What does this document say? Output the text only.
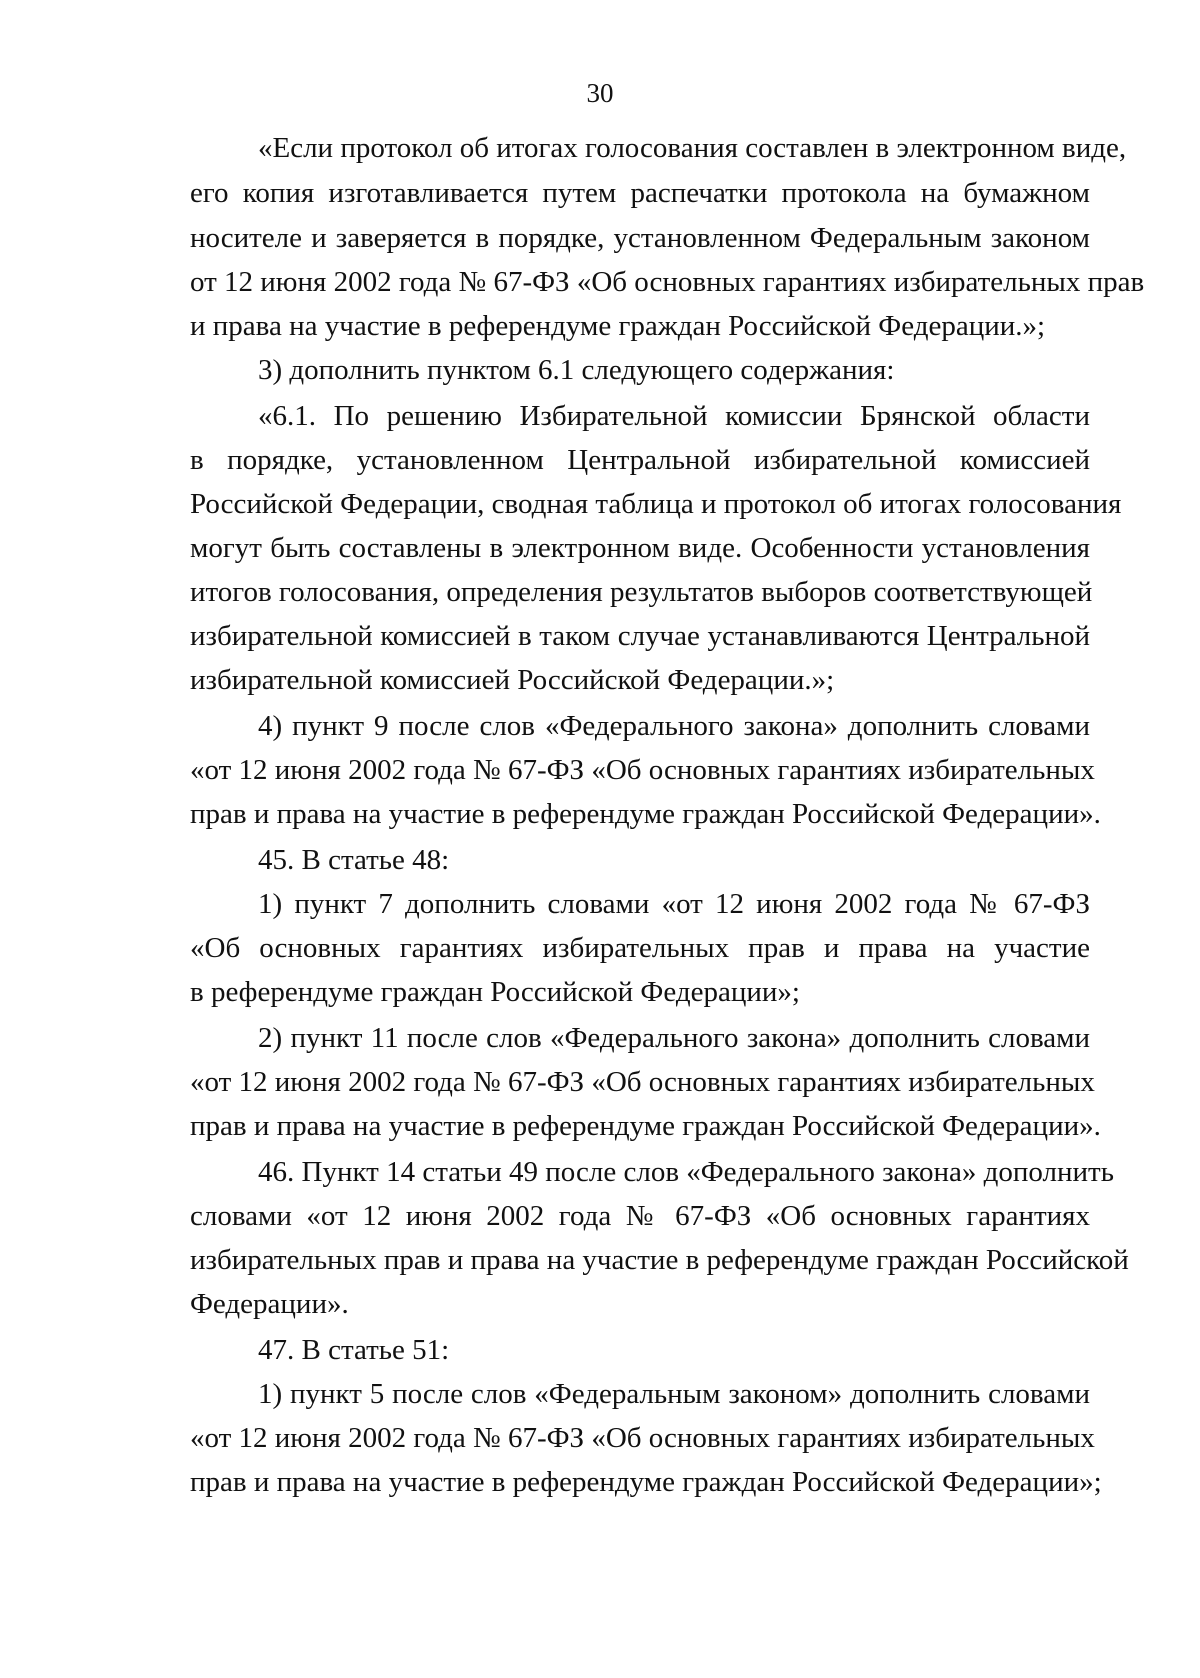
30
«Если протокол об итогах голосования составлен в электронном виде,
его копия изготавливается путем распечатки протокола на бумажном
носителе и заверяется в порядке, установленном Федеральным законом
от 12 июня 2002 года № 67-ФЗ «Об основных гарантиях избирательных прав
и права на участие в референдуме граждан Российской Федерации.»;
3) дополнить пунктом 6.1 следующего содержания:
«6.1. По решению Избирательной комиссии Брянской области
в порядке, установленном Центральной избирательной комиссией
Российской Федерации, сводная таблица и протокол об итогах голосования
могут быть составлены в электронном виде. Особенности установления
итогов голосования, определения результатов выборов соответствующей
избирательной комиссией в таком случае устанавливаются Центральной
избирательной комиссией Российской Федерации.»;
4) пункт 9 после слов «Федерального закона» дополнить словами
«от 12 июня 2002 года № 67-ФЗ «Об основных гарантиях избирательных
прав и права на участие в референдуме граждан Российской Федерации».
45. В статье 48:
1) пункт 7 дополнить словами «от 12 июня 2002 года № 67-ФЗ
«Об основных гарантиях избирательных прав и права на участие
в референдуме граждан Российской Федерации»;
2) пункт 11 после слов «Федерального закона» дополнить словами
«от 12 июня 2002 года № 67-ФЗ «Об основных гарантиях избирательных
прав и права на участие в референдуме граждан Российской Федерации».
46. Пункт 14 статьи 49 после слов «Федерального закона» дополнить
словами «от 12 июня 2002 года № 67-ФЗ «Об основных гарантиях
избирательных прав и права на участие в референдуме граждан Российской
Федерации».
47. В статье 51:
1) пункт 5 после слов «Федеральным законом» дополнить словами
«от 12 июня 2002 года № 67-ФЗ «Об основных гарантиях избирательных
прав и права на участие в референдуме граждан Российской Федерации»;
